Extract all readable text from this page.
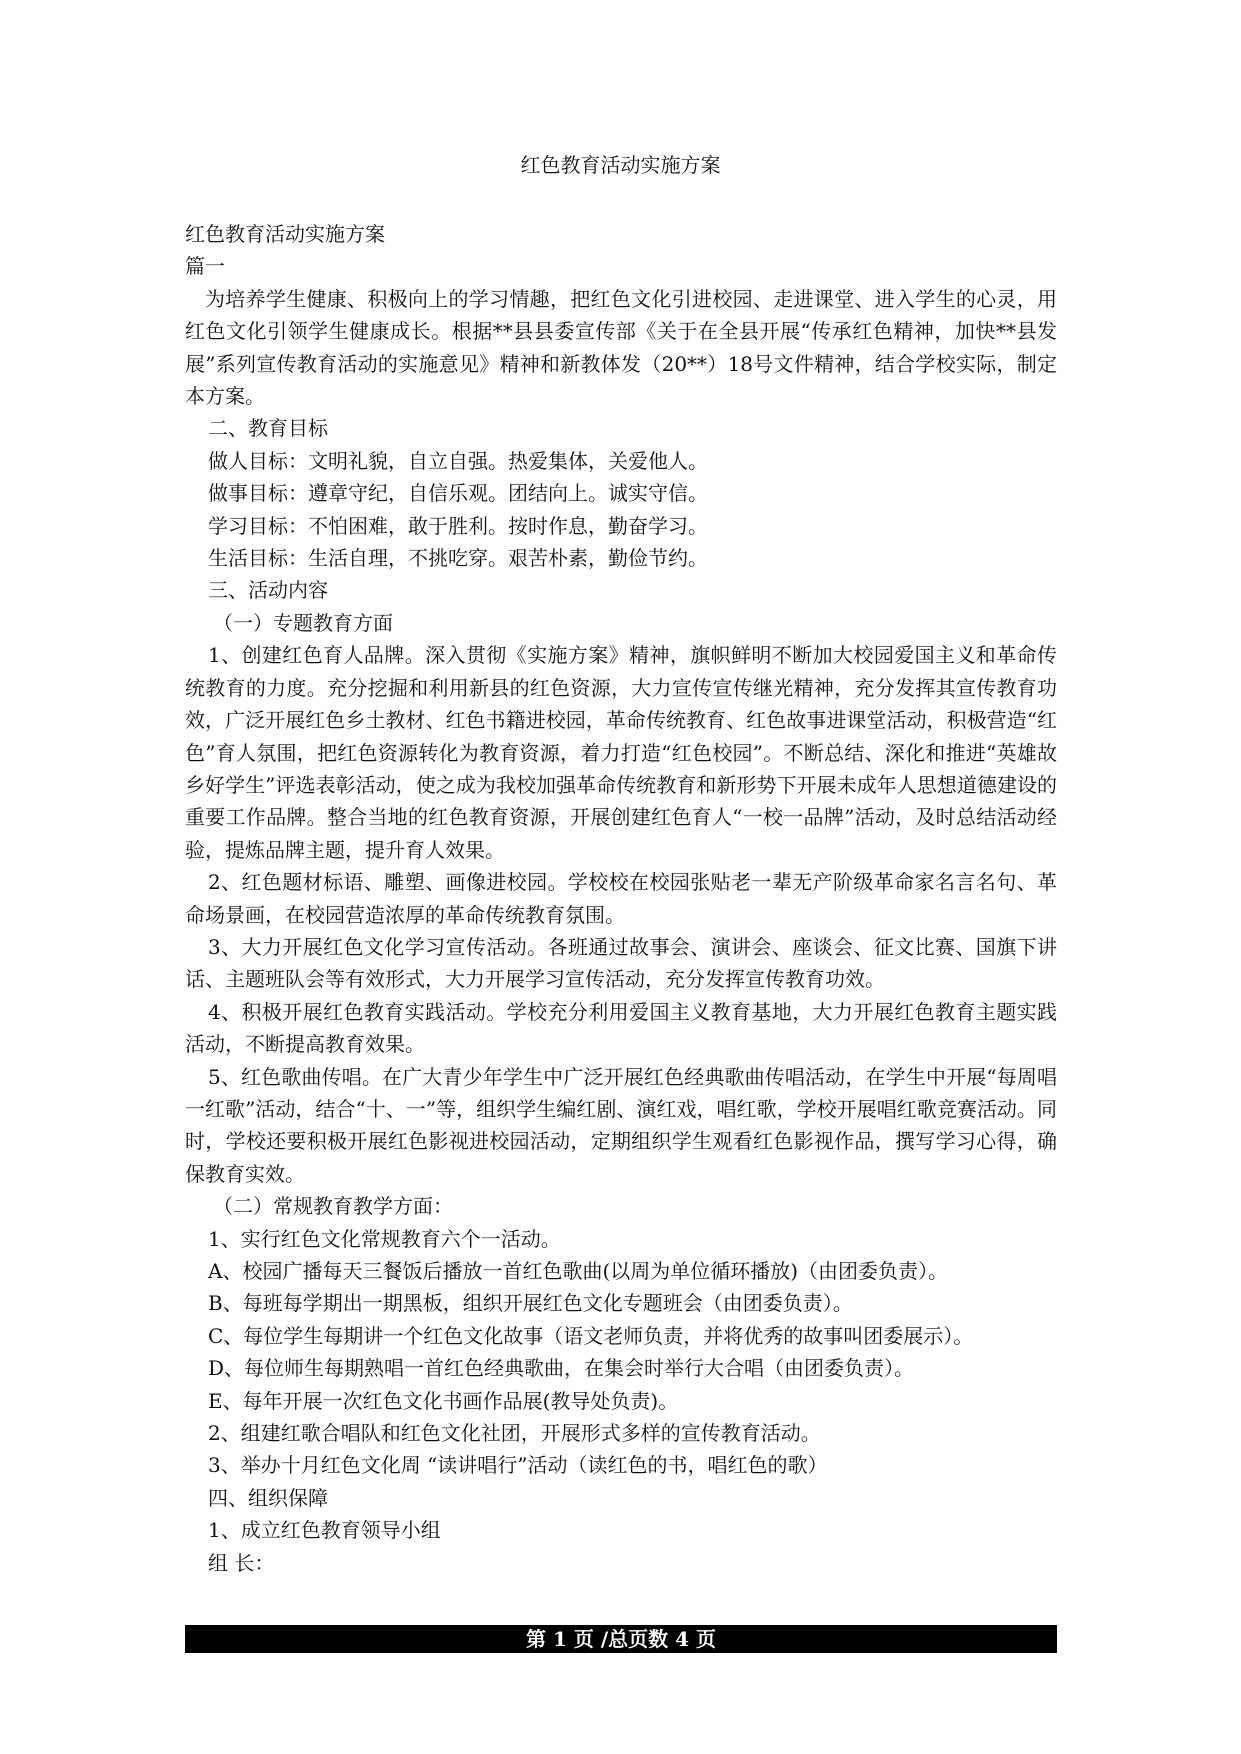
红色教育活动实施方案

红色教育活动实施方案

篇一

为培养学生健康、积极向上的学习情趣，把红色文化引进校园、走进课堂、进入学生的心灵，用红色文化引领学生健康成长。根据**县县委宣传部《关于在全县开展“传承红色精神，加快**县发展”系列宣传教育活动的实施意见》精神和新教体发（20**）18号文件精神，结合学校实际，制定本方案。

二、教育目标

做人目标：文明礼貌，自立自强。热爱集体，关爱他人。

做事目标：遵章守纪，自信乐观。团结向上。诚实守信。

学习目标：不怕困难，敢于胜利。按时作息，勤奋学习。

生活目标：生活自理，不挑吃穿。艰苦朴素，勤俭节约。

三、活动内容

（一）专题教育方面

1、创建红色育人品牌。深入贯彻《实施方案》精神，旗帜鲜明不断加大校园爱国主义和革命传统教育的力度。充分挖掘和利用新县的红色资源，大力宣传宣传继光精神，充分发挥其宣传教育功效，广泛开展红色乡土教材、红色书籍进校园，革命传统教育、红色故事进课堂活动，积极营造“红色”育人氛围，把红色资源转化为教育资源，着力打造“红色校园”。不断总结、深化和推进“英雄故乡好学生”评选表彰活动，使之成为我校加强革命传统教育和新形势下开展未成年人思想道德建设的重要工作品牌。整合当地的红色教育资源，开展创建红色育人“一校一品牌”活动，及时总结活动经验，提炼品牌主题，提升育人效果。

2、红色题材标语、雕塑、画像进校园。学校校在校园张贴老一辈无产阶级革命家名言名句、革命场景画，在校园营造浓厚的革命传统教育氛围。

3、大力开展红色文化学习宣传活动。各班通过故事会、演讲会、座谈会、征文比赛、国旗下讲话、主题班队会等有效形式，大力开展学习宣传活动，充分发挥宣传教育功效。

4、积极开展红色教育实践活动。学校充分利用爱国主义教育基地，大力开展红色教育主题实践活动，不断提高教育效果。

5、红色歌曲传唱。在广大青少年学生中广泛开展红色经典歌曲传唱活动，在学生中开展“每周唱一红歌”活动，结合“十、一”等，组织学生编红剧、演红戏，唱红歌，学校开展唱红歌竞赛活动。同时，学校还要积极开展红色影视进校园活动，定期组织学生观看红色影视作品，撰写学习心得，确保教育实效。

（二）常规教育教学方面：

1、实行红色文化常规教育六个一活动。

A、校园广播每天三餐饭后播放一首红色歌曲(以周为单位循环播放)（由团委负责）。

B、每班每学期出一期黑板，组织开展红色文化专题班会（由团委负责）。

C、每位学生每期讲一个红色文化故事（语文老师负责，并将优秀的故事叫团委展示）。

D、每位师生每期熟唱一首红色经典歌曲，在集会时举行大合唱（由团委负责）。

E、每年开展一次红色文化书画作品展(教导处负责)。

2、组建红歌合唱队和红色文化社团，开展形式多样的宣传教育活动。

3、举办十月红色文化周 “读讲唱行”活动（读红色的书，唱红色的歌）

四、组织保障

1、成立红色教育领导小组

组 长：

第 1 页 /总页数 4 页
